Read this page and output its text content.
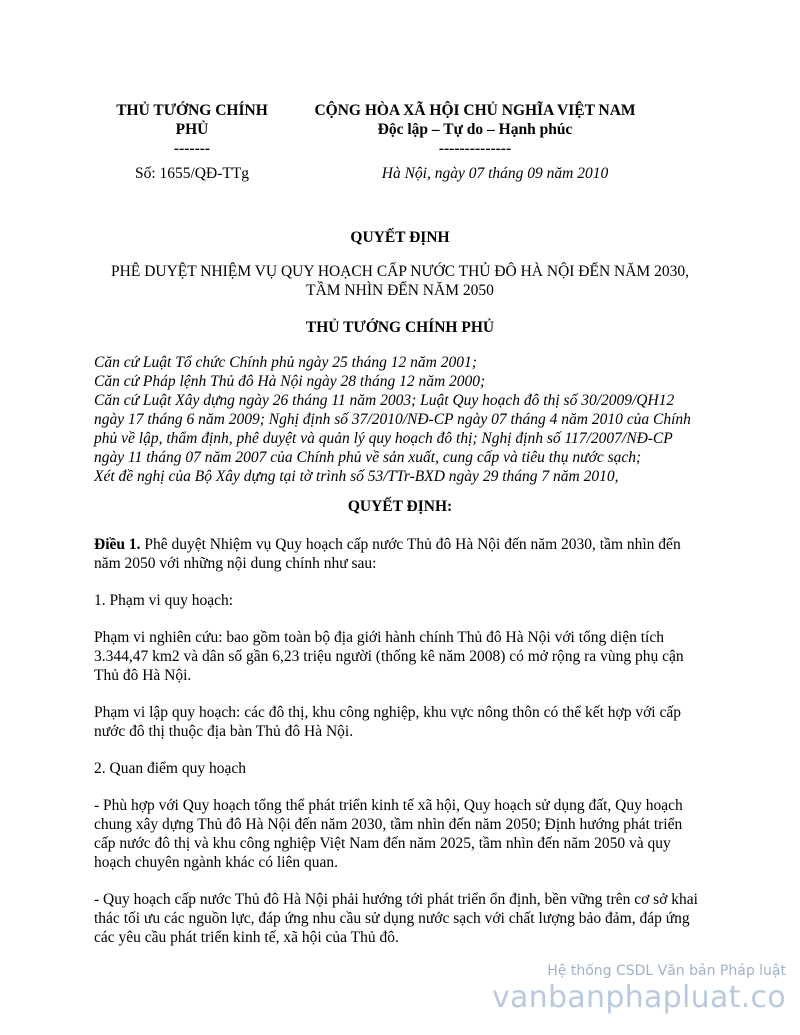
THỦ TƯỚNG CHÍNH
PHỦ
-------
Số: 1655/QĐ-TTg
CỘNG HÒA XÃ HỘI CHỦ NGHĨA VIỆT NAM
Độc lập – Tự do – Hạnh phúc
--------------
Hà Nội, ngày 07 tháng 09 năm 2010
QUYẾT ĐỊNH
PHÊ DUYỆT NHIỆM VỤ QUY HOẠCH CẤP NƯỚC THỦ ĐÔ HÀ NỘI ĐẾN NĂM 2030,
TẦM NHÌN ĐẾN NĂM 2050
THỦ TƯỚNG CHÍNH PHỦ
Căn cứ Luật Tổ chức Chính phủ ngày 25 tháng 12 năm 2001;
Căn cứ Pháp lệnh Thủ đô Hà Nội ngày 28 tháng 12 năm 2000;
Căn cứ Luật Xây dựng ngày 26 tháng 11 năm 2003; Luật Quy hoạch đô thị số 30/2009/QH12
ngày 17 tháng 6 năm 2009; Nghị định số 37/2010/NĐ-CP ngày 07 tháng 4 năm 2010 của Chính
phủ về lập, thẩm định, phê duyệt và quản lý quy hoạch đô thị; Nghị định số 117/2007/NĐ-CP
ngày 11 tháng 07 năm 2007 của Chính phủ về sản xuất, cung cấp và tiêu thụ nước sạch;
Xét đề nghị của Bộ Xây dựng tại tờ trình số 53/TTr-BXD ngày 29 tháng 7 năm 2010,
QUYẾT ĐỊNH:

Điều 1. Phê duyệt Nhiệm vụ Quy hoạch cấp nước Thủ đô Hà Nội đến năm 2030, tầm nhìn đến
năm 2050 với những nội dung chính như sau:

1. Phạm vi quy hoạch:

Phạm vi nghiên cứu: bao gồm toàn bộ địa giới hành chính Thủ đô Hà Nội với tổng diện tích
3.344,47 km2 và dân số gần 6,23 triệu người (thống kê năm 2008) có mở rộng ra vùng phụ cận
Thủ đô Hà Nội.

Phạm vi lập quy hoạch: các đô thị, khu công nghiệp, khu vực nông thôn có thể kết hợp với cấp
nước đô thị thuộc địa bàn Thủ đô Hà Nội.

2. Quan điểm quy hoạch

- Phù hợp với Quy hoạch tổng thể phát triển kinh tế xã hội, Quy hoạch sử dụng đất, Quy hoạch
chung xây dựng Thủ đô Hà Nội đến năm 2030, tầm nhìn đến năm 2050; Định hướng phát triển
cấp nước đô thị và khu công nghiệp Việt Nam đến năm 2025, tầm nhìn đến năm 2050 và quy
hoạch chuyên ngành khác có liên quan.

- Quy hoạch cấp nước Thủ đô Hà Nội phải hướng tới phát triển ổn định, bền vững trên cơ sở khai
thác tối ưu các nguồn lực, đáp ứng nhu cầu sử dụng nước sạch với chất lượng bảo đảm, đáp ứng
các yêu cầu phát triển kinh tế, xã hội của Thủ đô.

Hệ thống CSDL Văn bản Pháp luật
vanbanphapluat.co
